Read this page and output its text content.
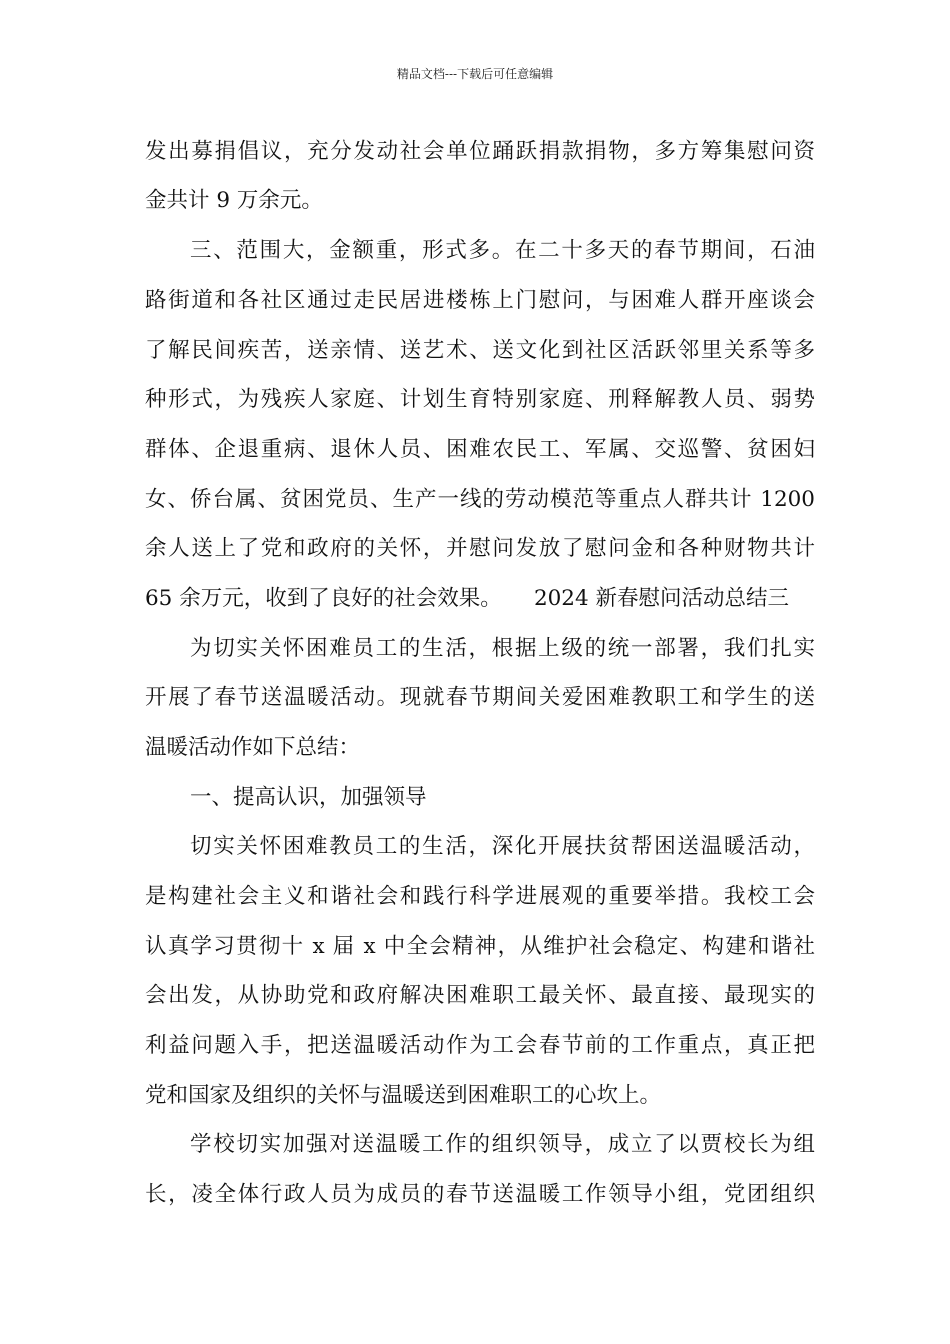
精品文档---下载后可任意编辑
发出募捐倡议，充分发动社会单位踊跃捐款捐物，多方筹集慰问资
金共计 9 万余元。
三、范围大，金额重，形式多。在二十多天的春节期间，石油
路街道和各社区通过走民居进楼栋上门慰问，与困难人群开座谈会
了解民间疾苦，送亲情、送艺术、送文化到社区活跃邻里关系等多
种形式，为残疾人家庭、计划生育特别家庭、刑释解教人员、弱势
群体、企退重病、退休人员、困难农民工、军属、交巡警、贫困妇
女、侨台属、贫困党员、生产一线的劳动模范等重点人群共计 1200
余人送上了党和政府的关怀，并慰问发放了慰问金和各种财物共计
65 余万元，收到了良好的社会效果。　　2024 新春慰问活动总结三
为切实关怀困难员工的生活，根据上级的统一部署，我们扎实
开展了春节送温暖活动。现就春节期间关爱困难教职工和学生的送
温暖活动作如下总结：
一、提高认识，加强领导
切实关怀困难教员工的生活，深化开展扶贫帮困送温暖活动，
是构建社会主义和谐社会和践行科学进展观的重要举措。我校工会
认真学习贯彻十 x 届 x 中全会精神，从维护社会稳定、构建和谐社
会出发，从协助党和政府解决困难职工最关怀、最直接、最现实的
利益问题入手，把送温暖活动作为工会春节前的工作重点，真正把
党和国家及组织的关怀与温暖送到困难职工的心坎上。
学校切实加强对送温暖工作的组织领导，成立了以贾校长为组
长，凌全体行政人员为成员的春节送温暖工作领导小组，党团组织
